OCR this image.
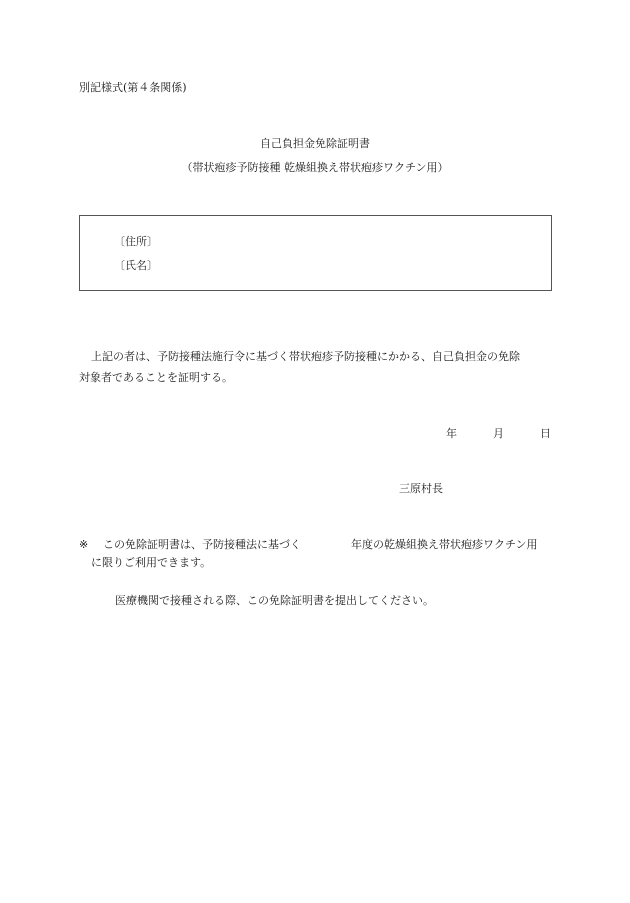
別記様式(第４条関係)
自己負担金免除証明書
（帯状疱疹予防接種 乾燥組換え帯状疱疹ワクチン用）
〔住所〕
〔氏名〕
上記の者は、予防接種法施行令に基づく帯状疱疹予防接種にかかる、自己負担金の免除
対象者であることを証明する。
年	月	日
三原村長
※ この免除証明書は、予防接種法に基づく	年度の乾燥組換え帯状疱疹ワクチン用
に限りご利用できます。
医療機関で接種される際、この免除証明書を提出してください。
